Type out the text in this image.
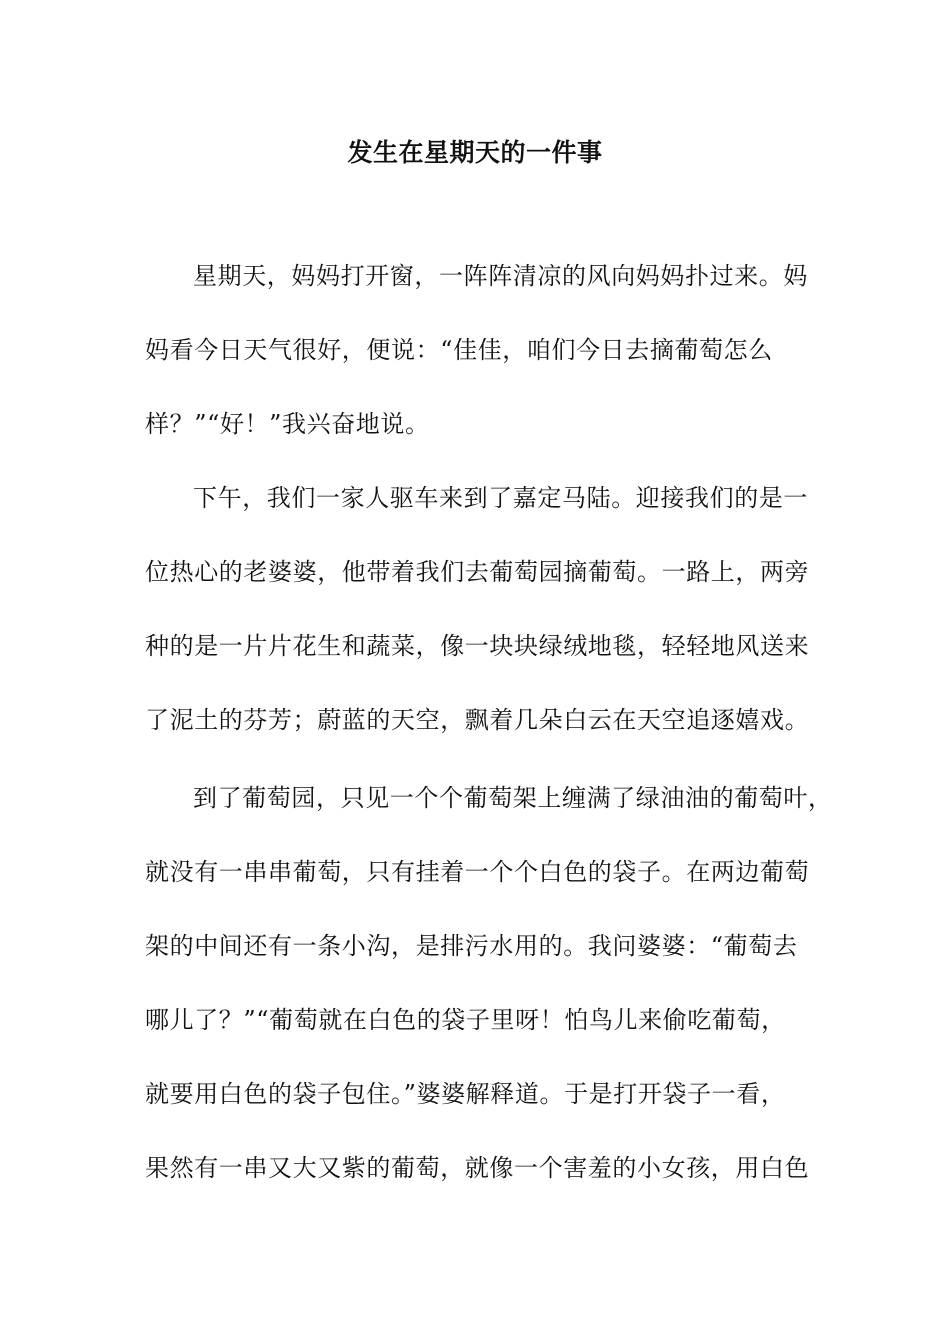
发生在星期天的一件事
星期天，妈妈打开窗，一阵阵清凉的风向妈妈扑过来。妈
妈看今日天气很好，便说：“佳佳，咱们今日去摘葡萄怎么
样？”“好！”我兴奋地说。
下午，我们一家人驱车来到了嘉定马陆。迎接我们的是一
位热心的老婆婆，他带着我们去葡萄园摘葡萄。一路上，两旁
种的是一片片花生和蔬菜，像一块块绿绒地毯，轻轻地风送来
了泥土的芬芳；蔚蓝的天空，飘着几朵白云在天空追逐嬉戏。
到了葡萄园，只见一个个葡萄架上缠满了绿油油的葡萄叶，
就没有一串串葡萄，只有挂着一个个白色的袋子。在两边葡萄
架的中间还有一条小沟，是排污水用的。我问婆婆：“葡萄去
哪儿了？”“葡萄就在白色的袋子里呀！怕鸟儿来偷吃葡萄，
就要用白色的袋子包住。”婆婆解释道。于是打开袋子一看，
果然有一串又大又紫的葡萄，就像一个害羞的小女孩，用白色
